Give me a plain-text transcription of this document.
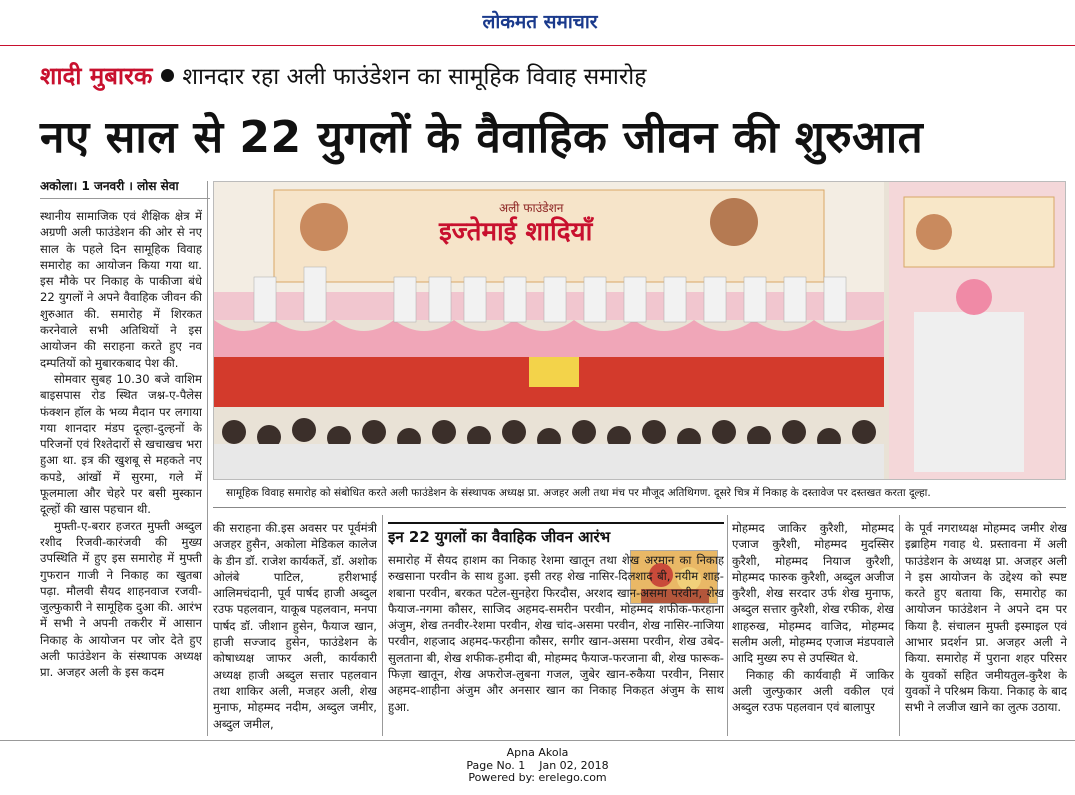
लोकमत समाचार
शादी मुबारक शानदार रहा अली फाउंडेशन का सामूहिक विवाह समारोह
नए साल से 22 युगलों के वैवाहिक जीवन की शुरुआत
अकोला। 1 जनवरी । लोस सेवा

स्थानीय सामाजिक एवं शैक्षिक क्षेत्र में अग्रणी अली फाउंडेशन की ओर से नए साल के पहले दिन सामूहिक विवाह समारोह का आयोजन किया गया था. इस मौके पर निकाह के पाकीजा बंधे 22 युगलों ने अपने वैवाहिक जीवन की शुरुआत की. समारोह में शिरकत करनेवाले सभी अतिथियों ने इस आयोजन की सराहना करते हुए नव दम्पतियों को मुबारकबाद पेश की.

सोमवार सुबह 10.30 बजे वाशिम बाइसपास रोड स्थित जश्न-ए-पैलेस फंक्शन हॉल के भव्य मैदान पर लगाया गया शानदार मंडप दूल्हा-दुल्हनों के परिजनों एवं रिश्तेदारों से खचाखच भरा हुआ था. इत्र की खुशबू से महकते नए कपडे, आंखों में सुरमा, गले में फूलमाला और चेहरे पर बसी मुस्कान दूल्हों की खास पहचान थी.

मुफ्ती-ए-बरार हजरत मुफ्ती अब्दुल रशीद रिजवी-कारंजवी की मुख्य उपस्थिति में हुए इस समारोह में मुफ्ती गुफरान गाजी ने निकाह का खुतबा पढ़ा. मौलवी सैयद शाहनवाज रजवी-जुल्फुकारी ने सामूहिक दुआ की. आरंभ में सभी ने अपनी तकरीर में आसान निकाह के आयोजन पर जोर देते हुए अली फाउंडेशन के संस्थापक अध्यक्ष प्रा. अजहर अली के इस कदम

अली फाउंडेशन
इज्तेमाई शादियाँ
सामूहिक विवाह समारोह को संबोधित करते अली फाउंडेशन के संस्थापक अध्यक्ष प्रा. अजहर अली तथा मंच पर मौजूद अतिथिगण. दूसरे चित्र में निकाह के दस्तावेज पर दस्तखत करता दूल्हा.

की सराहना की.इस अवसर पर पूर्वमंत्री अजहर हुसैन, अकोला मेडिकल कालेज के डीन डॉ. राजेश कार्यकर्ते, डॉ. अशोक ओलंबे पाटिल, हरीशभाई आलिमचंदानी, पूर्व पार्षद हाजी अब्दुल रउफ पहलवान, याकूब पहलवान, मनपा पार्षद डॉ. जीशान हुसेन, फैयाज खान, हाजी सज्जाद हुसेन, फाउंडेशन के कोषाध्यक्ष जाफर अली, कार्यकारी अध्यक्ष हाजी अब्दुल सत्तार पहलवान तथा शाकिर अली, मजहर अली, शेख मुनाफ, मोहम्मद नदीम, अब्दुल जमीर, अब्दुल जमील,

इन 22 युगलों का वैवाहिक जीवन आरंभ

समारोह में सैयद हाशम का निकाह रेशमा खातून तथा शेख अरमान का निकाह रुखसाना परवीन के साथ हुआ. इसी तरह शेख नासिर-दिलशाद बी, नयीम शाह-शबाना परवीन, बरकत पटेल-सुनहेरा फिरदौस, अरशद खान-असमा परवीन, शेख फैयाज-नगमा कौसर, साजिद अहमद-समरीन परवीन, मोहम्मद शफीक-फरहाना अंजुम, शेख तनवीर-रेशमा परवीन, शेख चांद-असमा परवीन, शेख नासिर-नाजिया परवीन, शहजाद अहमद-फरहीना कौसर, सगीर खान-असमा परवीन, शेख उबेद-सुलताना बी, शेख शफीक-हमीदा बी, मोहम्मद फैयाज-फरजाना बी, शेख फारूक-फिज़ा खातून, शेख अफरोज-लुबना गजल, जुबेर खान-रुकैया परवीन, निसार अहमद-शाहीना अंजुम और अनसार खान का निकाह निकहत अंजुम के साथ हुआ.

मोहम्मद जाकिर कुरैशी, मोहम्मद एजाज कुरैशी, मोहम्मद मुदस्सिर कुरैशी, मोहम्मद नियाज कुरैशी, मोहम्मद फारुक कुरैशी, अब्दुल अजीज कुरैशी, शेख सरदार उर्फ शेख मुनाफ, अब्दुल सत्तार कुरैशी, शेख रफीक, शेख शाहरुख, मोहम्मद वाजिद, मोहम्मद सलीम अली, मोहम्मद एजाज मंडपवाले आदि मुख्य रुप से उपस्थित थे.

निकाह की कार्यवाही में जाकिर अली जुल्फुकार अली वकील एवं अब्दुल रउफ पहलवान एवं बालापुर

के पूर्व नगराध्यक्ष मोहम्मद जमीर शेख इब्राहिम गवाह थे. प्रस्तावना में अली फाउंडेशन के अध्यक्ष प्रा. अजहर अली ने इस आयोजन के उद्देश्य को स्पष्ट करते हुए बताया कि, समारोह का आयोजन फाउंडेशन ने अपने दम पर किया है. संचालन मुफ्ती इस्माइल एवं आभार प्रदर्शन प्रा. अजहर अली ने किया. समारोह में पुराना शहर परिसर के युवकों सहित जमीयतुल-कुरैश के युवकों ने परिश्रम किया. निकाह के बाद सभी ने लजीज खाने का लुत्फ उठाया.

Apna Akola
Page No. 1    Jan 02, 2018
Powered by: erelego.com
